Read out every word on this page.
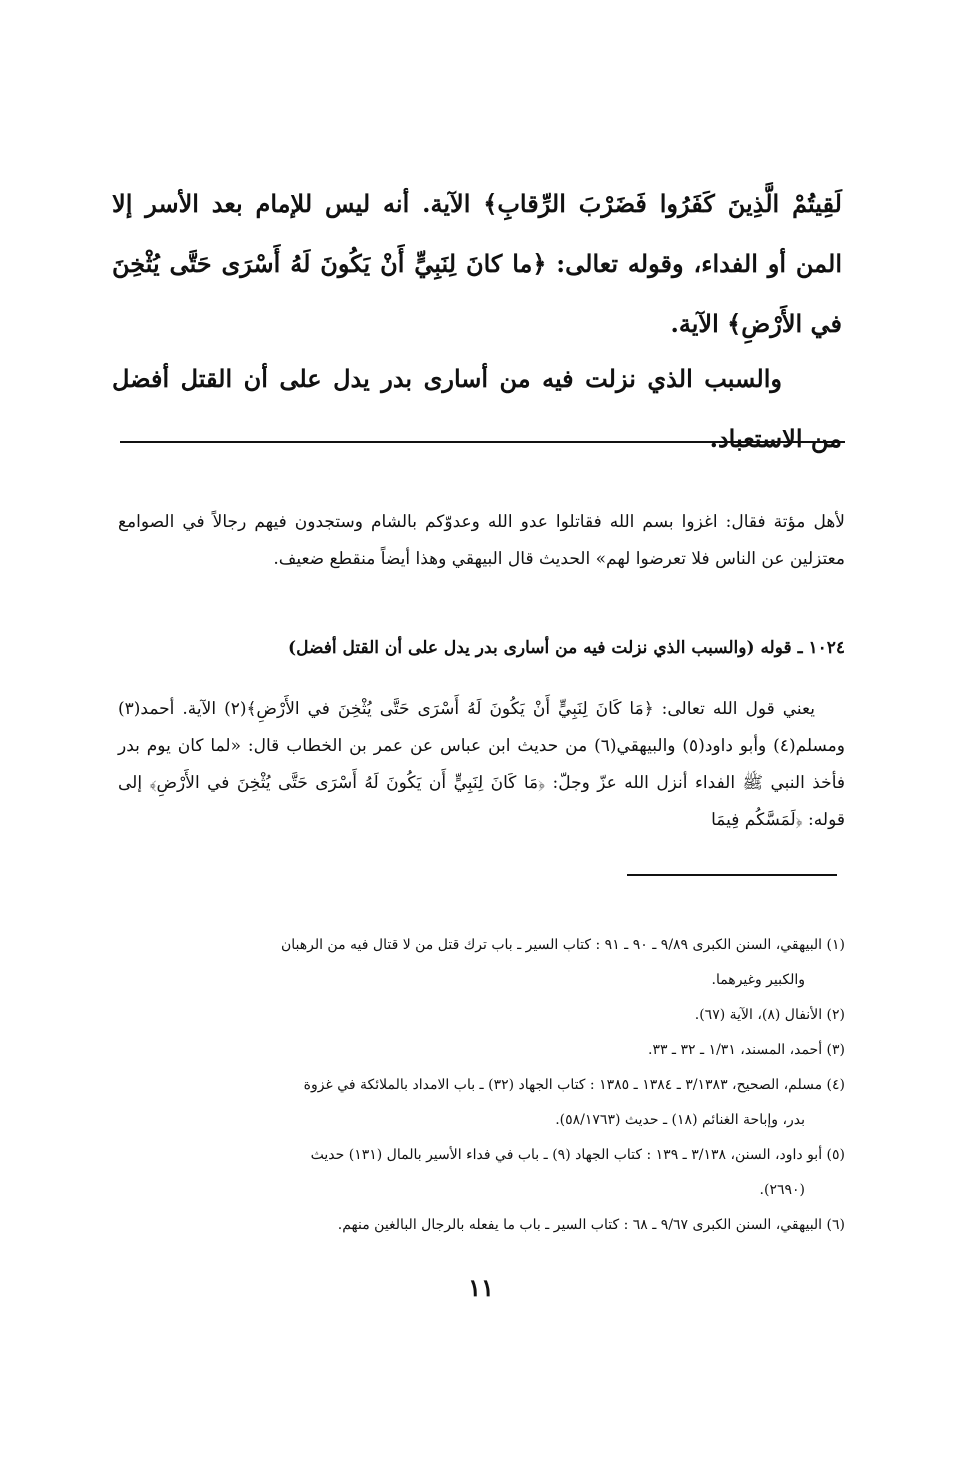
لَقِيتُمْ الَّذِينَ كَفَرُوا فَضَرْبَ الرِّقابِ﴾ الآية. أنه ليس للإمام بعد الأسر إلا المن أو الفداء، وقوله تعالى: ﴿ما كانَ لِنَبِيٍّ أَنْ يَكُونَ لَهُ أَسْرَى حَتَّى يُثْخِنَ في الأَرْضِ﴾ الآية.

والسبب الذي نزلت فيه من أسارى بدر يدل على أن القتل أفضل من الاستعباد.

لأهل مؤتة فقال: اغزوا بسم الله فقاتلوا عدو الله وعدوّكم بالشام وستجدون فيهم رجالاً في الصوامع معتزلين عن الناس فلا تعرضوا لهم» الحديث قال البيهقي وهذا أيضاً منقطع ضعيف.

١٠٢٤ ـ قوله (والسبب الذي نزلت فيه من أسارى بدر يدل على أن القتل أفضل)

يعني قول الله تعالى: ﴿مَا كَانَ لِنَبِيٍّ أَنْ يَكُونَ لَهُ أَسْرَى حَتَّى يُثْخِنَ في الأَرْضِ﴾(٢) الآية. أحمد(٣) ومسلم(٤) وأبو داود(٥) والبيهقي(٦) من حديث ابن عباس عن عمر بن الخطاب قال: «لما كان يوم بدر فأخذ النبي ﷺ الفداء أنزل الله عزّ وجلّ: ﴿مَا كَانَ لِنَبِيٍّ أَن يَكُونَ لَهُ أَسْرَى حَتَّى يُثْخِنَ في الأَرْضِ﴾ إلى قوله: ﴿لَمَسَّكُم فِيمَا

(١) البيهقي، السنن الكبرى ٩/٨٩ ـ ٩٠ ـ ٩١ : كتاب السير ـ باب ترك قتل من لا قتال فيه من الرهبان

والكبير وغيرهما.

(٢) الأنفال (٨)، الآية (٦٧).

(٣) أحمد، المسند، ١/٣١ ـ ٣٢ ـ ٣٣.

(٤) مسلم، الصحيح، ٣/١٣٨٣ ـ ١٣٨٤ ـ ١٣٨٥ : كتاب الجهاد (٣٢) ـ باب الامداد بالملائكة في غزوة

بدر، وإباحة الغنائم (١٨) ـ حديث (٥٨/١٧٦٣).

(٥) أبو داود، السنن، ٣/١٣٨ ـ ١٣٩ : كتاب الجهاد (٩) ـ باب في فداء الأسير بالمال (١٣١) حديث

(٢٦٩٠).

(٦) البيهقي، السنن الكبرى ٩/٦٧ ـ ٦٨ : كتاب السير ـ باب ما يفعله بالرجال البالغين منهم.

١١
